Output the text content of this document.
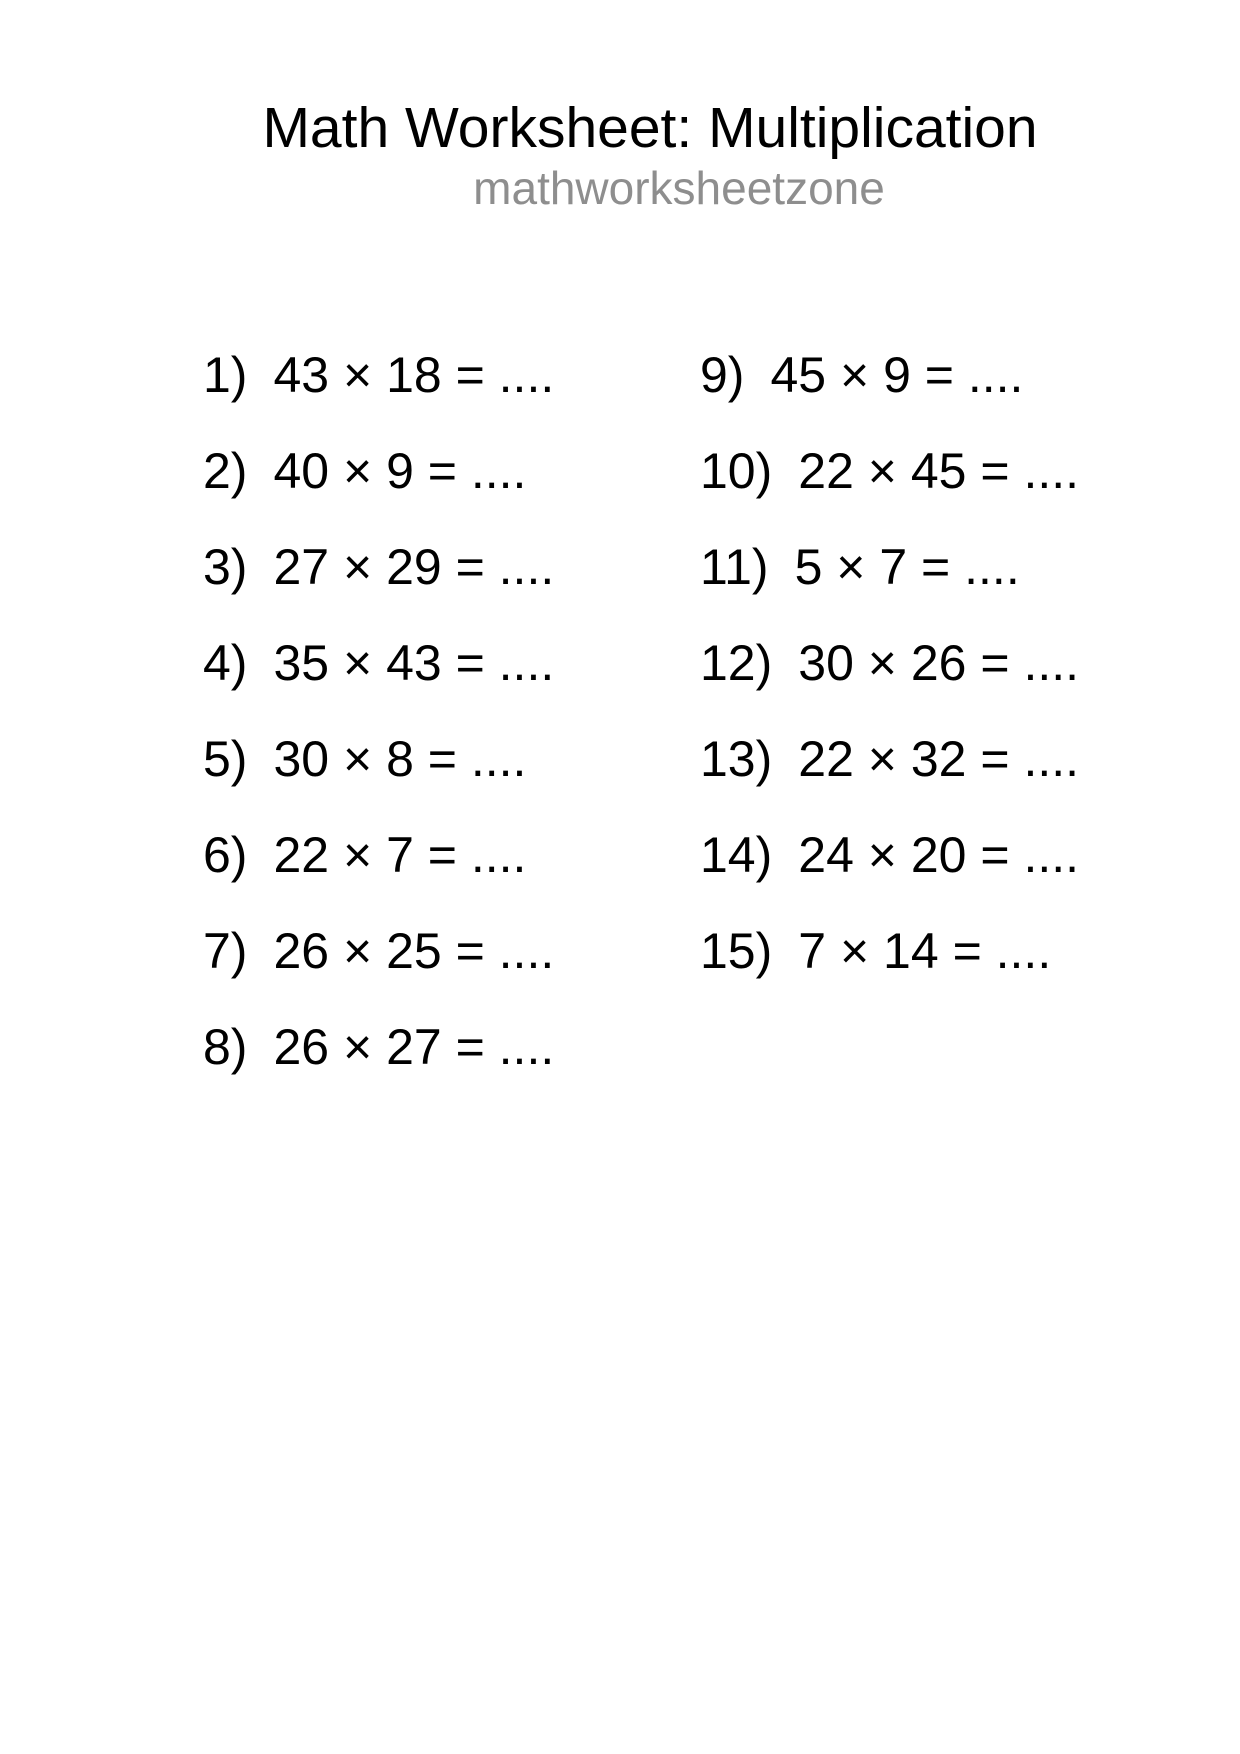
Math Worksheet: Multiplication
mathworksheetzone
1) 43 × 18 = ....
2) 40 × 9 = ....
3) 27 × 29 = ....
4) 35 × 43 = ....
5) 30 × 8 = ....
6) 22 × 7 = ....
7) 26 × 25 = ....
8) 26 × 27 = ....
9) 45 × 9 = ....
10) 22 × 45 = ....
11) 5 × 7 = ....
12) 30 × 26 = ....
13) 22 × 32 = ....
14) 24 × 20 = ....
15) 7 × 14 = ....
